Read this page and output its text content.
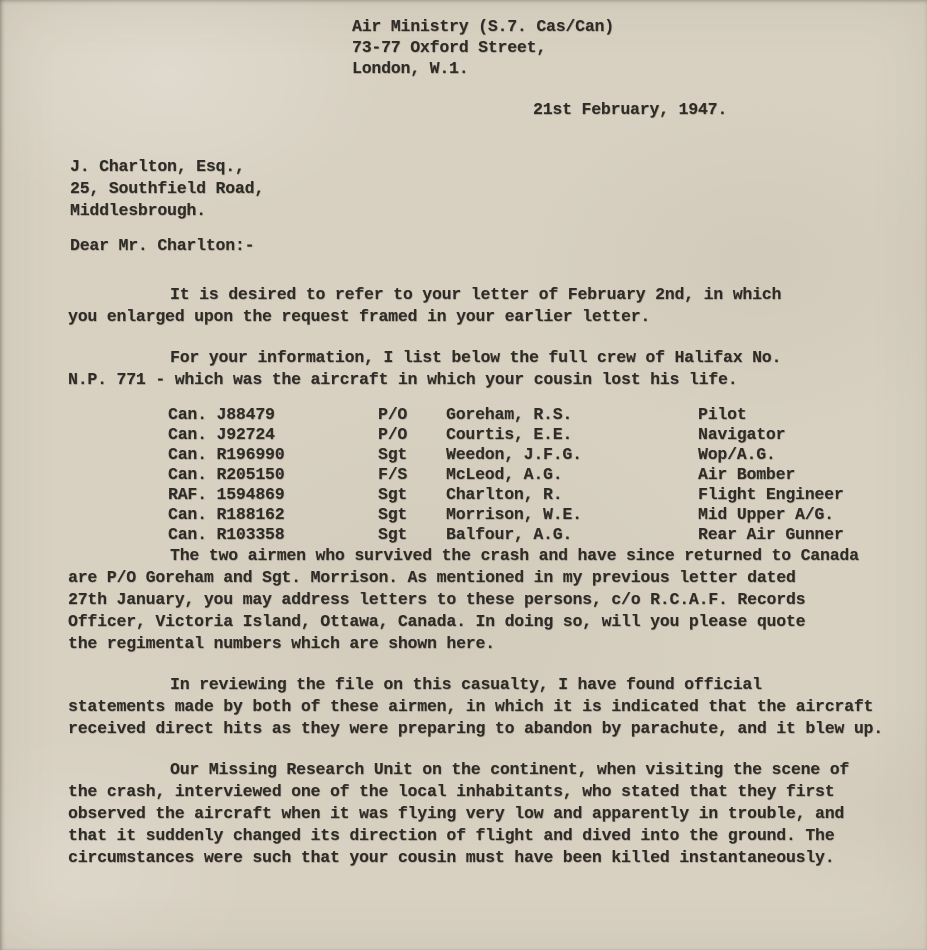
Air Ministry (S.7. Cas/Can)
73-77 Oxford Street,
London, W.1.
21st February, 1947.
J. Charlton, Esq.,
25, Southfield Road,
Middlesbrough.
Dear Mr. Charlton:-
It is desired to refer to your letter of February 2nd, in which
you enlarged upon the request framed in your earlier letter.
For your information, I list below the full crew of Halifax No.
N.P. 771 - which was the aircraft in which your cousin lost his life.
Can. J88479	P/O	Goreham, R.S.	Pilot
Can. J92724	P/O	Courtis, E.E.	Navigator
Can. R196990	Sgt	Weedon, J.F.G.	Wop/A.G.
Can. R205150	F/S	McLeod, A.G.	Air Bomber
RAF. 1594869	Sgt	Charlton, R.	Flight Engineer
Can. R188162	Sgt	Morrison, W.E.	Mid Upper A/G.
Can. R103358	Sgt	Balfour, A.G.	Rear Air Gunner
The two airmen who survived the crash and have since returned to Canada
are P/O Goreham and Sgt. Morrison. As mentioned in my previous letter dated
27th January, you may address letters to these persons, c/o R.C.A.F. Records
Officer, Victoria Island, Ottawa, Canada. In doing so, will you please quote
the regimental numbers which are shown here.
In reviewing the file on this casualty, I have found official
statements made by both of these airmen, in which it is indicated that the aircraft
received direct hits as they were preparing to abandon by parachute, and it blew up.
Our Missing Research Unit on the continent, when visiting the scene of
the crash, interviewed one of the local inhabitants, who stated that they first
observed the aircraft when it was flying very low and apparently in trouble, and
that it suddenly changed its direction of flight and dived into the ground. The
circumstances were such that your cousin must have been killed instantaneously.
